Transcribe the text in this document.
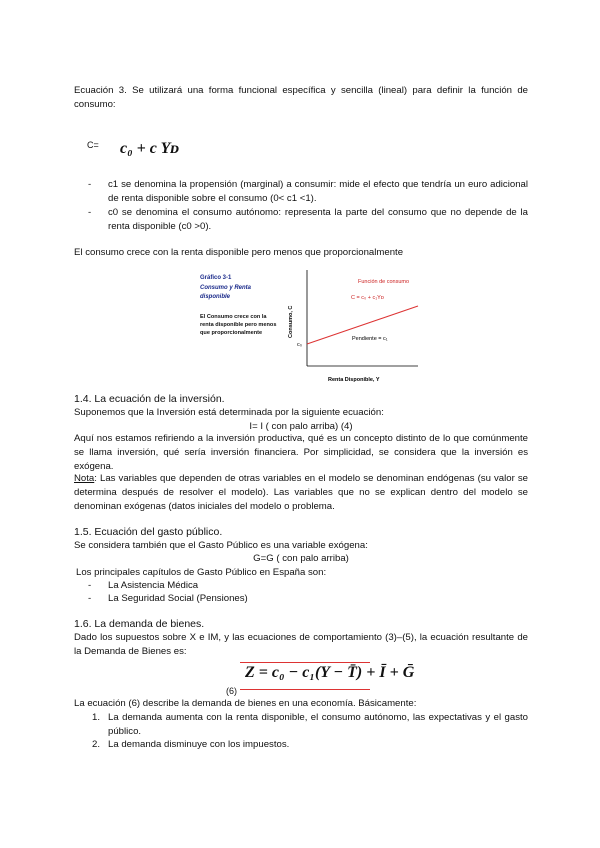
Ecuación 3. Se utilizará una forma funcional específica y sencilla (lineal) para definir la función de consumo:
C= c₀ + c Yᴅ
- c1 se denomina la propensión (marginal) a consumir: mide el efecto que tendría un euro adicional de renta disponible sobre el consumo (0< c1 <1).
- c0 se denomina el consumo autónomo: representa la parte del consumo que no depende de la renta disponible (c0 >0).
El consumo crece con la renta disponible pero menos que proporcionalmente
Gráfico 3-1
Consumo y Renta disponible
El Consumo crece con la renta disponible pero menos que proporcionalmente	Consumo, C
Renta Disponible, Y
c₀
Función de consumo
C = c₀ + c₁Yᴅ
Pendiente = c₁
1.4. La ecuación de la inversión.
Suponemos que la Inversión está determinada por la siguiente ecuación:
I= I ( con palo arriba) (4)
Aquí nos estamos refiriendo a la inversión productiva, qué es un concepto distinto de lo que comúnmente se llama inversión, qué sería inversión financiera. Por simplicidad, se considera que la inversión es exógena.
Nota: Las variables que dependen de otras variables en el modelo se denominan endógenas (su valor se determina después de resolver el modelo). Las variables que no se explican dentro del modelo se denominan exógenas (datos iniciales del modelo o problema.
1.5. Ecuación del gasto público.
Se considera también que el Gasto Público es una variable exógena:
G=G ( con palo arriba)
Los principales capítulos de Gasto Público en España son:
- La Asistencia Médica
- La Seguridad Social (Pensiones)
1.6. La demanda de bienes.
Dado los supuestos sobre X e IM, y las ecuaciones de comportamiento (3)–(5), la ecuación resultante de la Demanda de Bienes es:
(6)
Z = c₀ − c₁(Y − T̄) + Ī + Ḡ
La ecuación (6) describe la demanda de bienes en una economía. Básicamente:
1. La demanda aumenta con la renta disponible, el consumo autónomo, las expectativas y el gasto público.
2. La demanda disminuye con los impuestos.
